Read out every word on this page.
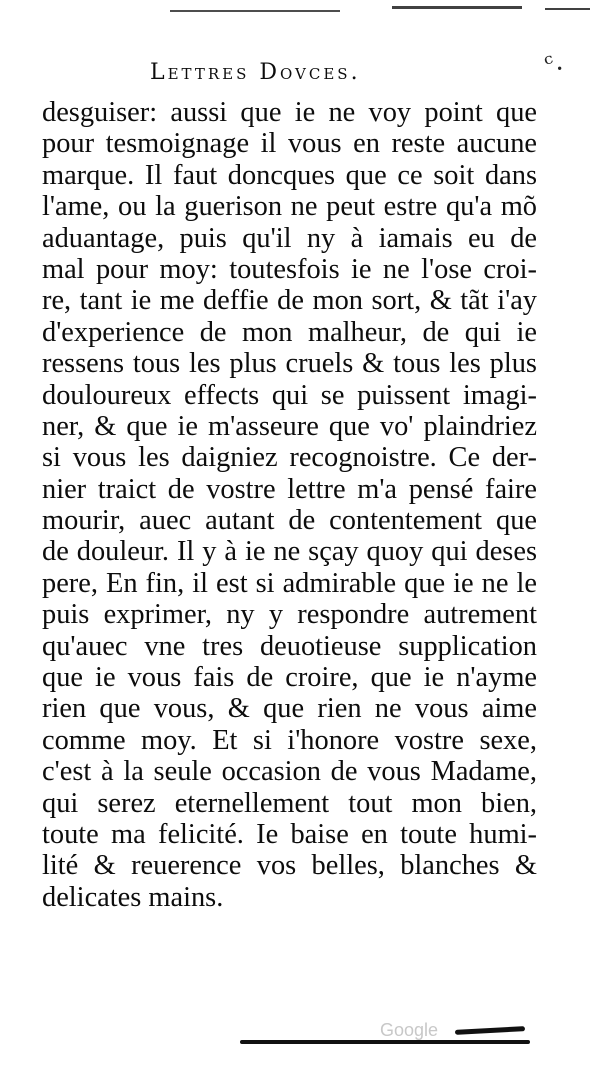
Lettres Dovces.	ᶜ.
desguiser: aussi que ie ne voy point que
pour tesmoignage il vous en reste aucune
marque. Il faut doncques que ce soit dans
l'ame, ou la guerison ne peut estre qu'a mõ
aduantage, puis qu'il ny à iamais eu de
mal pour moy: toutesfois ie ne l'ose croi-
re, tant ie me deffie de mon sort, & tãt i'ay
d'experience de mon malheur, de qui ie
ressens tous les plus cruels & tous les plus
douloureux effects qui se puissent imagi-
ner, & que ie m'asseure que vo' plaindriez
si vous les daigniez recognoistre. Ce der-
nier traict de vostre lettre m'a pensé faire
mourir, auec autant de contentement que
de douleur. Il y à ie ne sçay quoy qui deses
pere, En fin, il est si admirable que ie ne le
puis exprimer, ny y respondre autrement
qu'auec vne tres deuotieuse supplication
que ie vous fais de croire, que ie n'ayme
rien que vous, & que rien ne vous aime
comme moy. Et si i'honore vostre sexe,
c'est à la seule occasion de vous Madame,
qui serez eternellement tout mon bien,
toute ma felicité. Ie baise en toute humi-
lité & reuerence vos belles, blanches &
delicates mains.
Google
